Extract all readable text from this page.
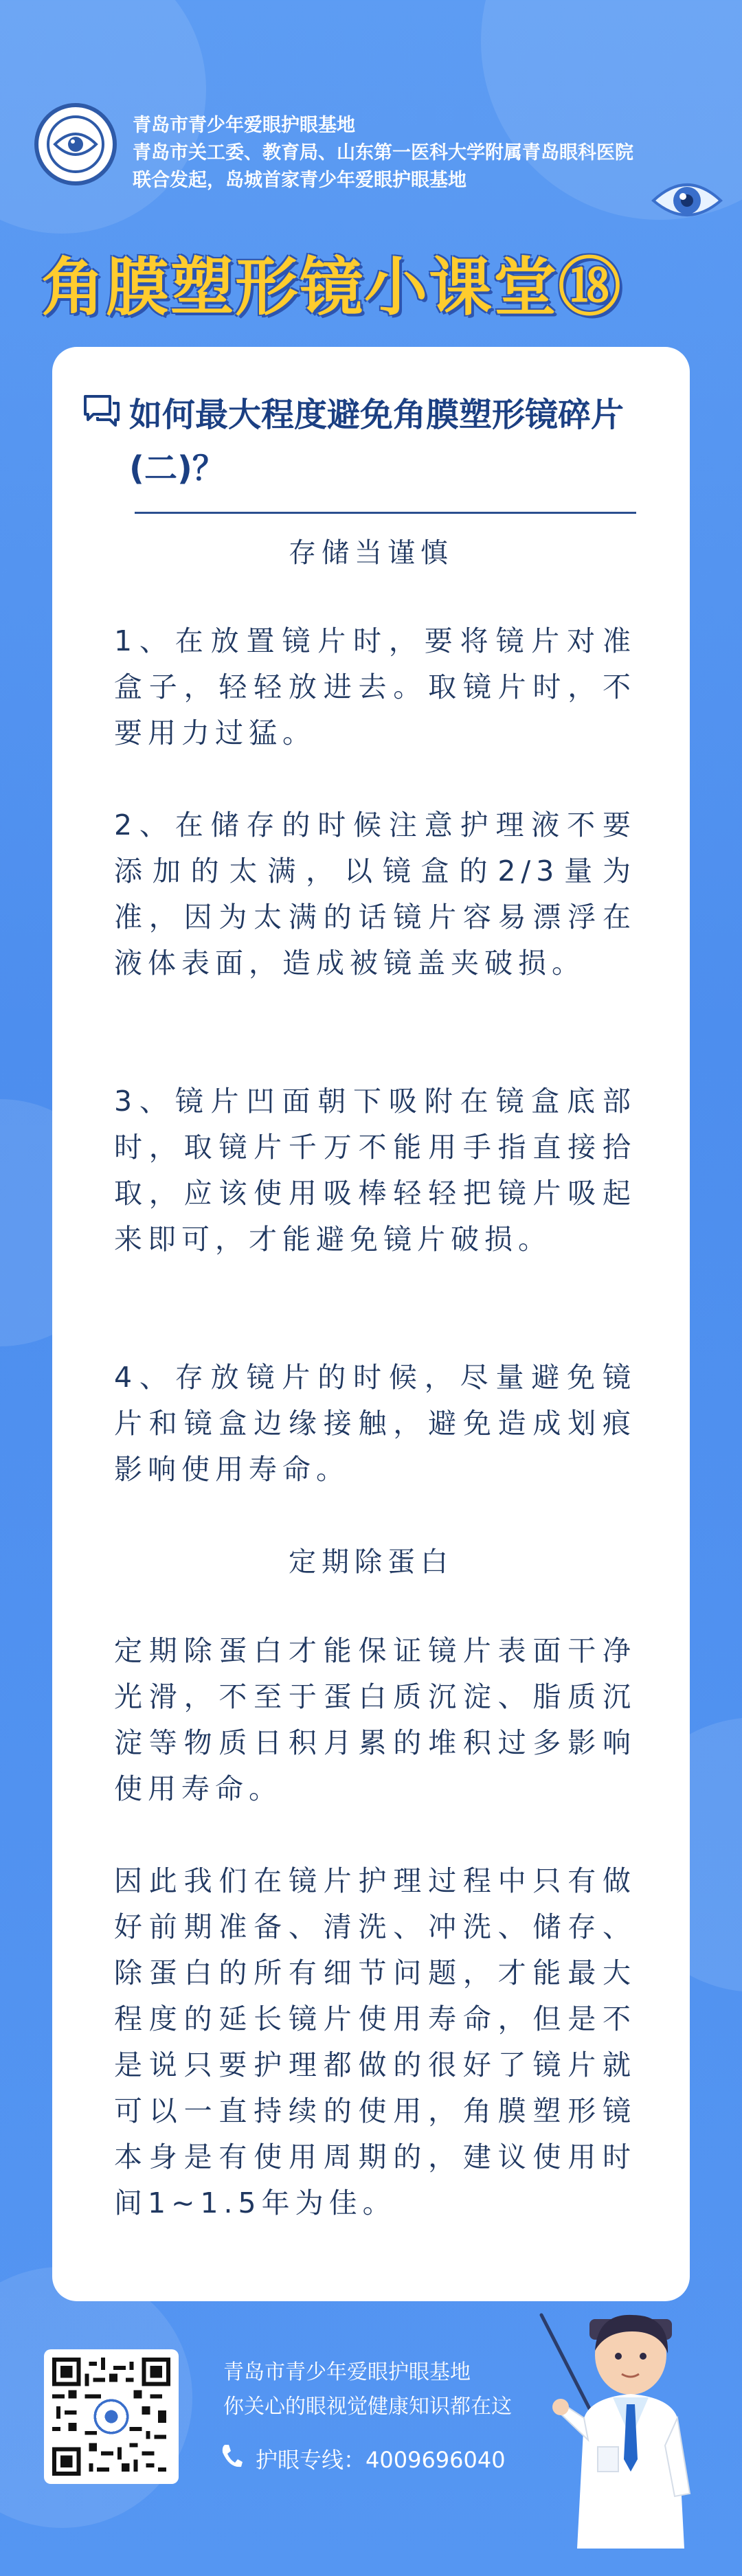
青岛市青少年爱眼护眼基地
青岛市关工委、教育局、山东第一医科大学附属青岛眼科医院
联合发起，岛城首家青少年爱眼护眼基地
角膜塑形镜小课堂⑱
如何最大程度避免角膜塑形镜碎片(二)？
存储当谨慎
1、在放置镜片时，要将镜片对准盒子，轻轻放进去。取镜片时，不要用力过猛。
2、在储存的时候注意护理液不要添加的太满，以镜盒的2/3量为准，因为太满的话镜片容易漂浮在液体表面，造成被镜盖夹破损。
3、镜片凹面朝下吸附在镜盒底部时，取镜片千万不能用手指直接拾取，应该使用吸棒轻轻把镜片吸起来即可，才能避免镜片破损。
4、存放镜片的时候，尽量避免镜片和镜盒边缘接触，避免造成划痕影响使用寿命。
定期除蛋白
定期除蛋白才能保证镜片表面干净光滑，不至于蛋白质沉淀、脂质沉淀等物质日积月累的堆积过多影响使用寿命。
因此我们在镜片护理过程中只有做好前期准备、清洗、冲洗、储存、除蛋白的所有细节问题，才能最大程度的延长镜片使用寿命，但是不是说只要护理都做的很好了镜片就可以一直持续的使用，角膜塑形镜本身是有使用周期的，建议使用时间1~1.5年为佳。
青岛市青少年爱眼护眼基地
你关心的眼视觉健康知识都在这
护眼专线：4009696040
